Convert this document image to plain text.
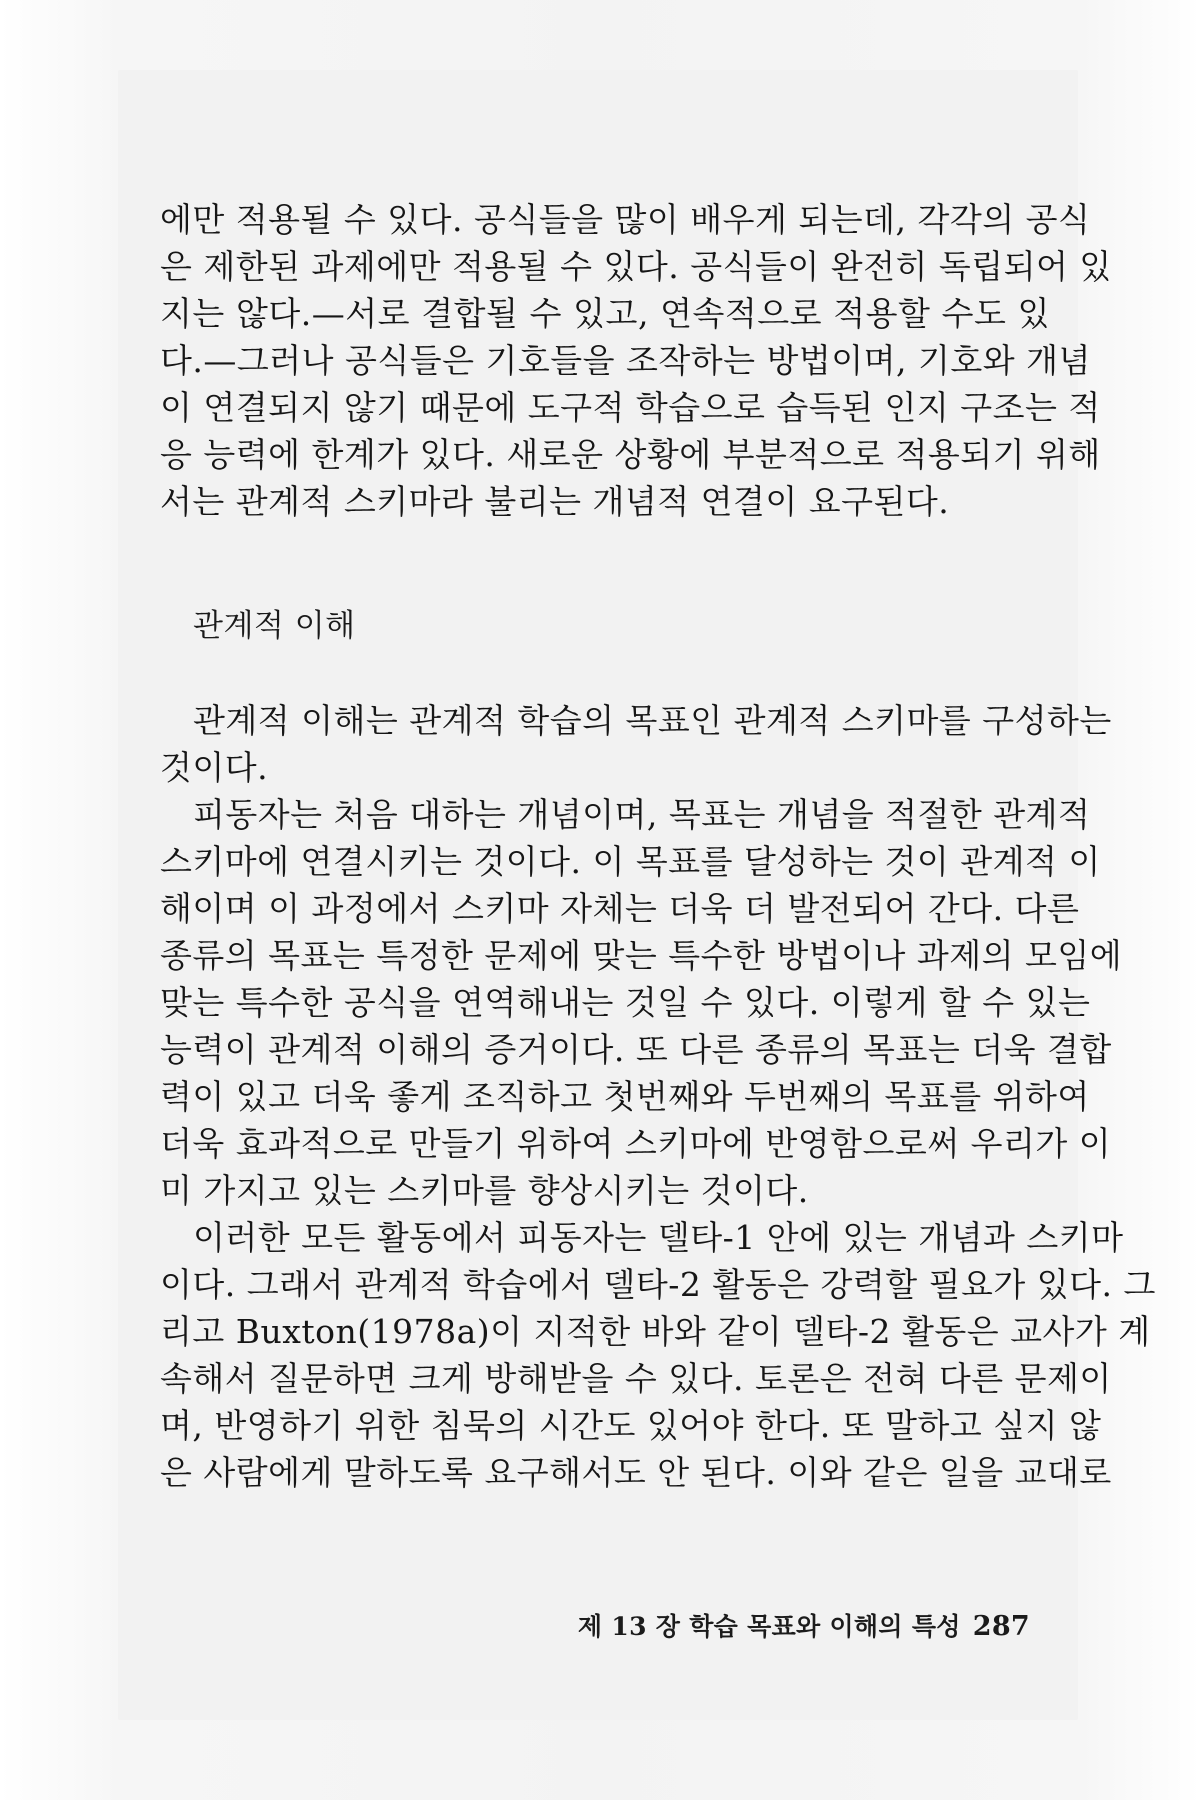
에만 적용될 수 있다. 공식들을 많이 배우게 되는데, 각각의 공식
은 제한된 과제에만 적용될 수 있다. 공식들이 완전히 독립되어 있
지는 않다.—서로 결합될 수 있고, 연속적으로 적용할 수도 있
다.—그러나 공식들은 기호들을 조작하는 방법이며, 기호와 개념
이 연결되지 않기 때문에 도구적 학습으로 습득된 인지 구조는 적
응 능력에 한계가 있다. 새로운 상황에 부분적으로 적용되기 위해
서는 관계적 스키마라 불리는 개념적 연결이 요구된다.
관계적 이해
관계적 이해는 관계적 학습의 목표인 관계적 스키마를 구성하는
것이다.
피동자는 처음 대하는 개념이며, 목표는 개념을 적절한 관계적
스키마에 연결시키는 것이다. 이 목표를 달성하는 것이 관계적 이
해이며 이 과정에서 스키마 자체는 더욱 더 발전되어 간다. 다른
종류의 목표는 특정한 문제에 맞는 특수한 방법이나 과제의 모임에
맞는 특수한 공식을 연역해내는 것일 수 있다. 이렇게 할 수 있는
능력이 관계적 이해의 증거이다. 또 다른 종류의 목표는 더욱 결합
력이 있고 더욱 좋게 조직하고 첫번째와 두번째의 목표를 위하여
더욱 효과적으로 만들기 위하여 스키마에 반영함으로써 우리가 이
미 가지고 있는 스키마를 향상시키는 것이다.
이러한 모든 활동에서 피동자는 델타-1 안에 있는 개념과 스키마
이다. 그래서 관계적 학습에서 델타-2 활동은 강력할 필요가 있다. 그
리고 Buxton(1978a)이 지적한 바와 같이 델타-2 활동은 교사가 계
속해서 질문하면 크게 방해받을 수 있다. 토론은 전혀 다른 문제이
며, 반영하기 위한 침묵의 시간도 있어야 한다. 또 말하고 싶지 않
은 사람에게 말하도록 요구해서도 안 된다. 이와 같은 일을 교대로
제 13 장 학습 목표와 이해의 특성 287
